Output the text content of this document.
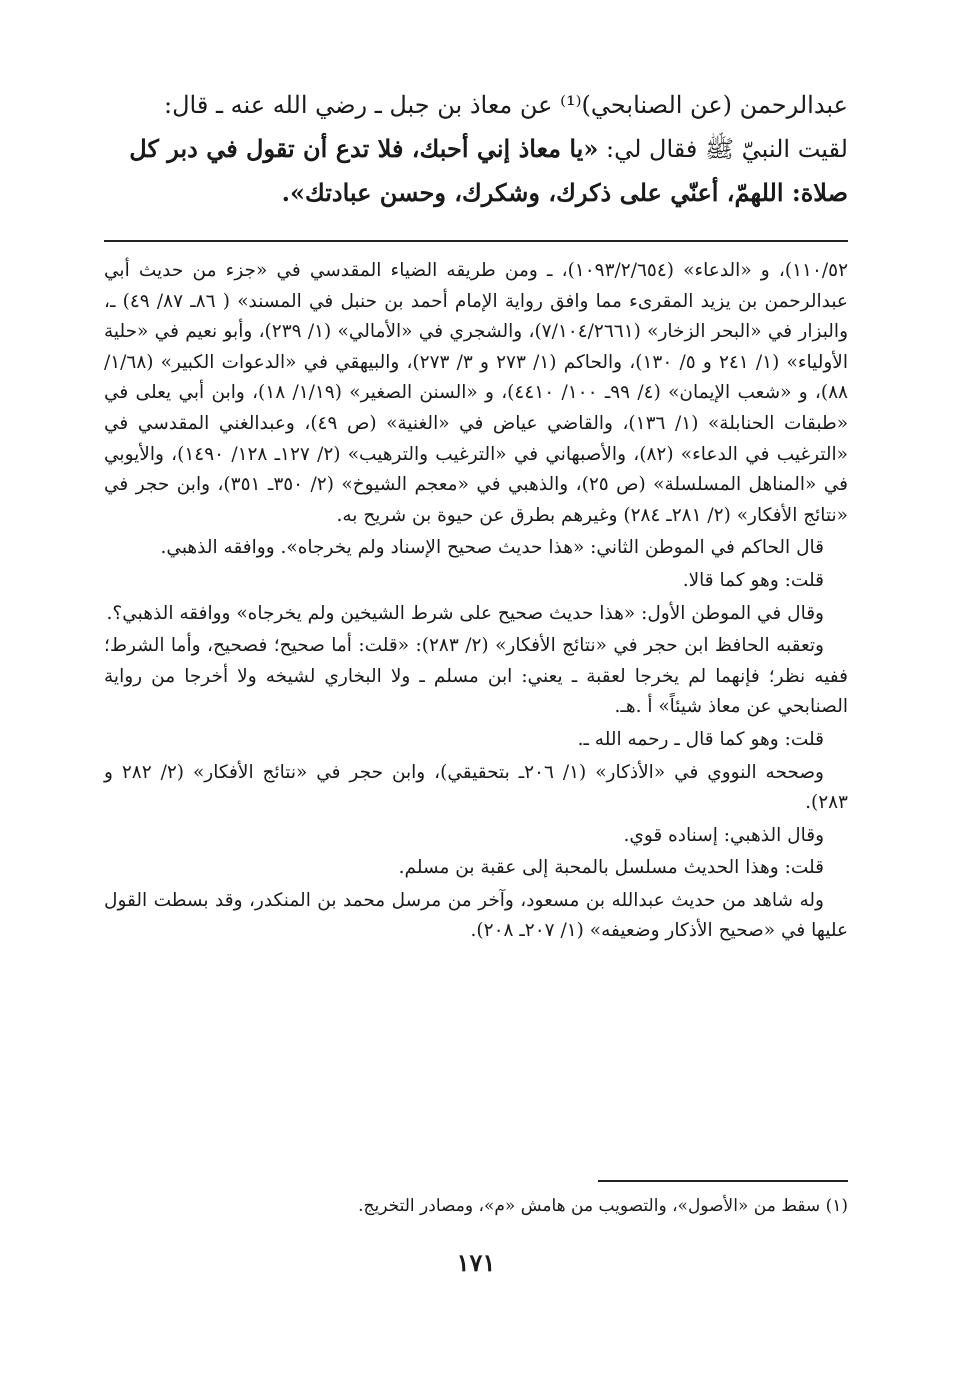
عبدالرحمن (عن الصنابحي)⁽¹⁾ عن معاذ بن جبل ـ رضي الله عنه ـ قال:

لقيت النبيّ ﷺ فقال لي: «يا معاذ إني أحبك، فلا تدع أن تقول في دبر كل

صلاة: اللهمّ، أعنّي على ذكرك، وشكرك، وحسن عبادتك».

١١٠/٥٢)، و «الدعاء» (١٠٩٣/٢/٦٥٤)، ـ ومن طريقه الضياء المقدسي في «جزء من حديث أبي عبدالرحمن بن يزيد المقرىء مما وافق رواية الإمام أحمد بن حنبل في المسند» ( ٨٦ـ ٨٧/ ٤٩) ـ، والبزار في «البحر الزخار» (٧/١٠٤/٢٦٦١)، والشجري في «الأمالي» (١/ ٢٣٩)، وأبو نعيم في «حلية الأولياء» (١/ ٢٤١ و ٥/ ١٣٠)، والحاكم (١/ ٢٧٣ و ٣/ ٢٧٣)، والبيهقي في «الدعوات الكبير» (١/٦٨/ ٨٨)، و «شعب الإيمان» (٤/ ٩٩ـ ١٠٠/ ٤٤١٠)، و «السنن الصغير» (١/١٩/ ١٨)، وابن أبي يعلى في «طبقات الحنابلة» (١/ ١٣٦)، والقاضي عياض في «الغنية» (ص ٤٩)، وعبدالغني المقدسي في «الترغيب في الدعاء» (٨٢)، والأصبهاني في «الترغيب والترهيب» (٢/ ١٢٧ـ ١٢٨/ ١٤٩٠)، والأيوبي في «المناهل المسلسلة» (ص ٢٥)، والذهبي في «معجم الشيوخ» (٢/ ٣٥٠ـ ٣٥١)، وابن حجر في «نتائج الأفكار» (٢/ ٢٨١ـ ٢٨٤) وغيرهم بطرق عن حيوة بن شريح به.

قال الحاكم في الموطن الثاني: «هذا حديث صحيح الإسناد ولم يخرجاه». ووافقه الذهبي.

قلت: وهو كما قالا.

وقال في الموطن الأول: «هذا حديث صحيح على شرط الشيخين ولم يخرجاه» ووافقه الذهبي؟.

وتعقبه الحافظ ابن حجر في «نتائج الأفكار» (٢/ ٢٨٣): «قلت: أما صحيح؛ فصحيح، وأما الشرط؛ ففيه نظر؛ فإنهما لم يخرجا لعقبة ـ يعني: ابن مسلم ـ ولا البخاري لشيخه ولا أخرجا من رواية الصنابحي عن معاذ شيئاً» أ .هـ.

قلت: وهو كما قال ـ رحمه الله ـ.

وصححه النووي في «الأذكار» (١/ ٢٠٦ـ بتحقيقي)، وابن حجر في «نتائج الأفكار» (٢/ ٢٨٢ و ٢٨٣).

وقال الذهبي: إسناده قوي.

قلت: وهذا الحديث مسلسل بالمحبة إلى عقبة بن مسلم.

وله شاهد من حديث عبدالله بن مسعود، وآخر من مرسل محمد بن المنكدر، وقد بسطت القول عليها في «صحيح الأذكار وضعيفه» (١/ ٢٠٧ـ ٢٠٨).

(١) سقط من «الأصول»، والتصويب من هامش «م»، ومصادر التخريج.
١٧١
